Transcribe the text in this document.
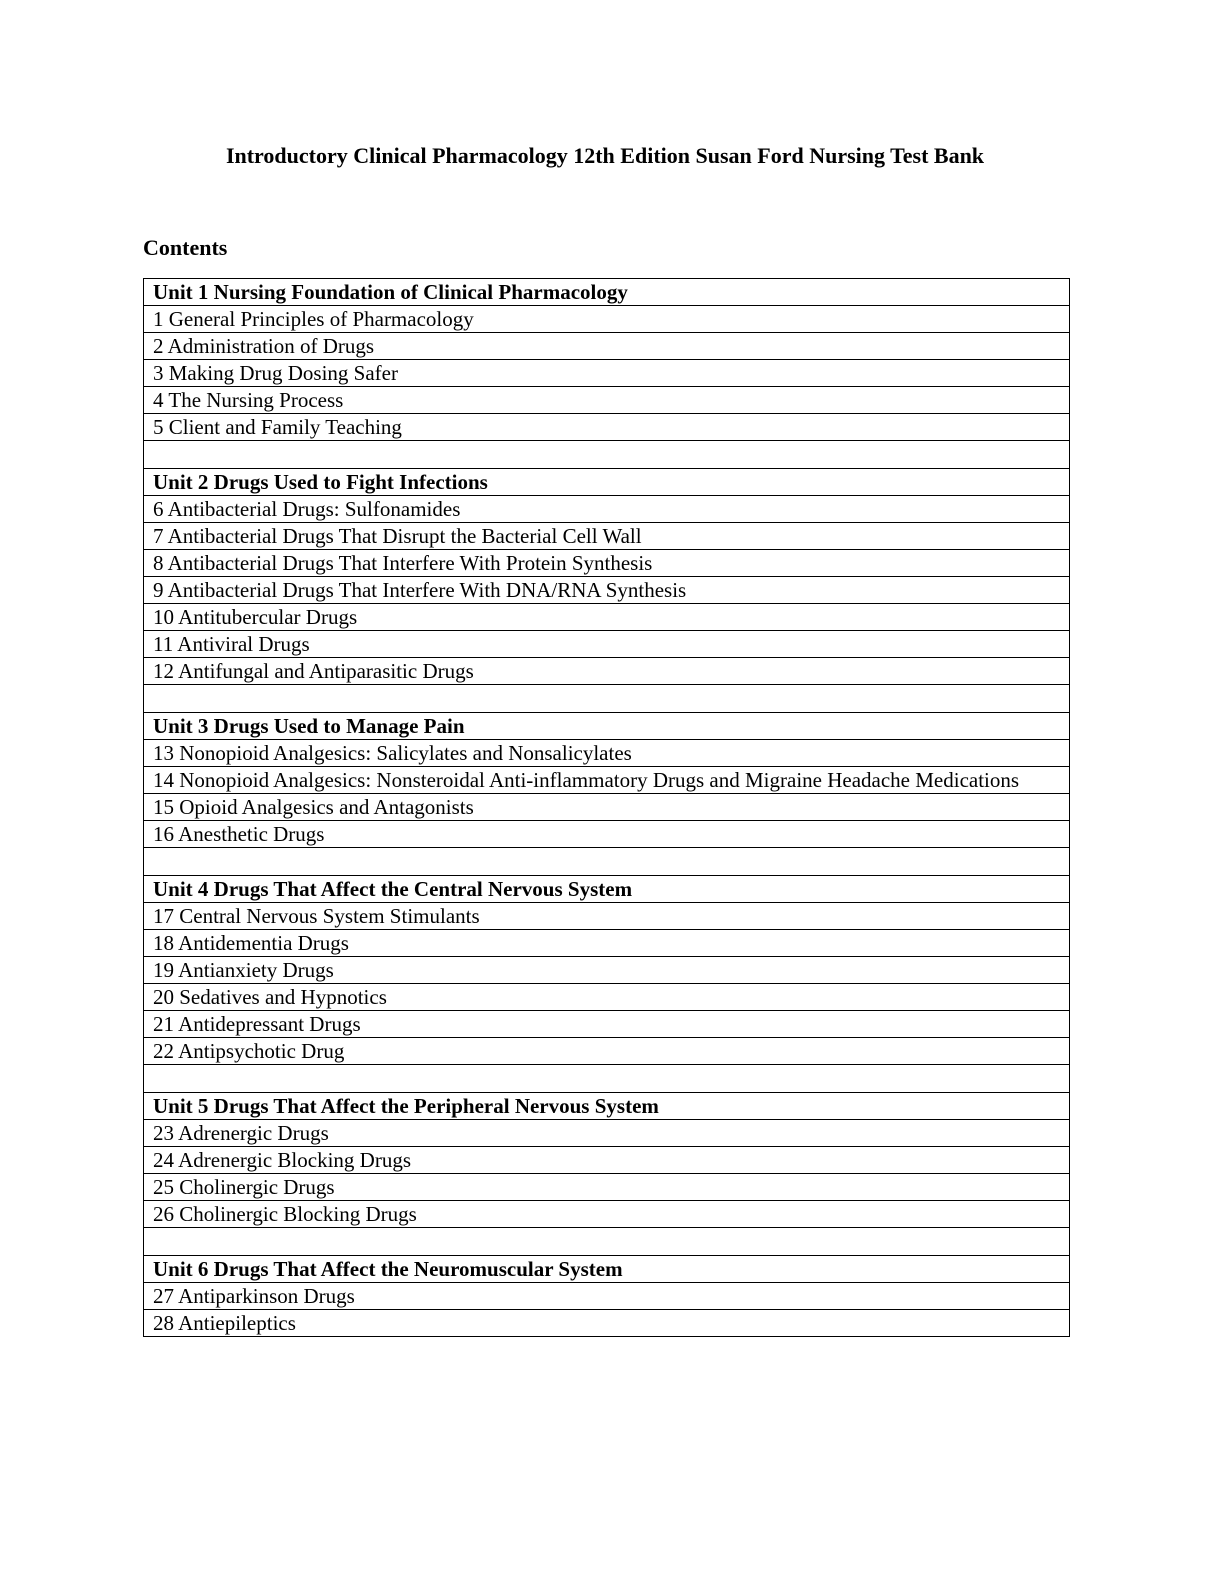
Introductory Clinical Pharmacology 12th Edition Susan Ford Nursing Test Bank
Contents
Unit 1 Nursing Foundation of Clinical Pharmacology
1 General Principles of Pharmacology
2 Administration of Drugs
3 Making Drug Dosing Safer
4 The Nursing Process
5 Client and Family Teaching

Unit 2 Drugs Used to Fight Infections
6 Antibacterial Drugs: Sulfonamides
7 Antibacterial Drugs That Disrupt the Bacterial Cell Wall
8 Antibacterial Drugs That Interfere With Protein Synthesis
9 Antibacterial Drugs That Interfere With DNA/RNA Synthesis
10 Antitubercular Drugs
11 Antiviral Drugs
12 Antifungal and Antiparasitic Drugs

Unit 3 Drugs Used to Manage Pain
13 Nonopioid Analgesics: Salicylates and Nonsalicylates
14 Nonopioid Analgesics: Nonsteroidal Anti-inflammatory Drugs and Migraine Headache Medications
15 Opioid Analgesics and Antagonists
16 Anesthetic Drugs

Unit 4 Drugs That Affect the Central Nervous System
17 Central Nervous System Stimulants
18 Antidementia Drugs
19 Antianxiety Drugs
20 Sedatives and Hypnotics
21 Antidepressant Drugs
22 Antipsychotic Drug

Unit 5 Drugs That Affect the Peripheral Nervous System
23 Adrenergic Drugs
24 Adrenergic Blocking Drugs
25 Cholinergic Drugs
26 Cholinergic Blocking Drugs

Unit 6 Drugs That Affect the Neuromuscular System
27 Antiparkinson Drugs
28 Antiepileptics
